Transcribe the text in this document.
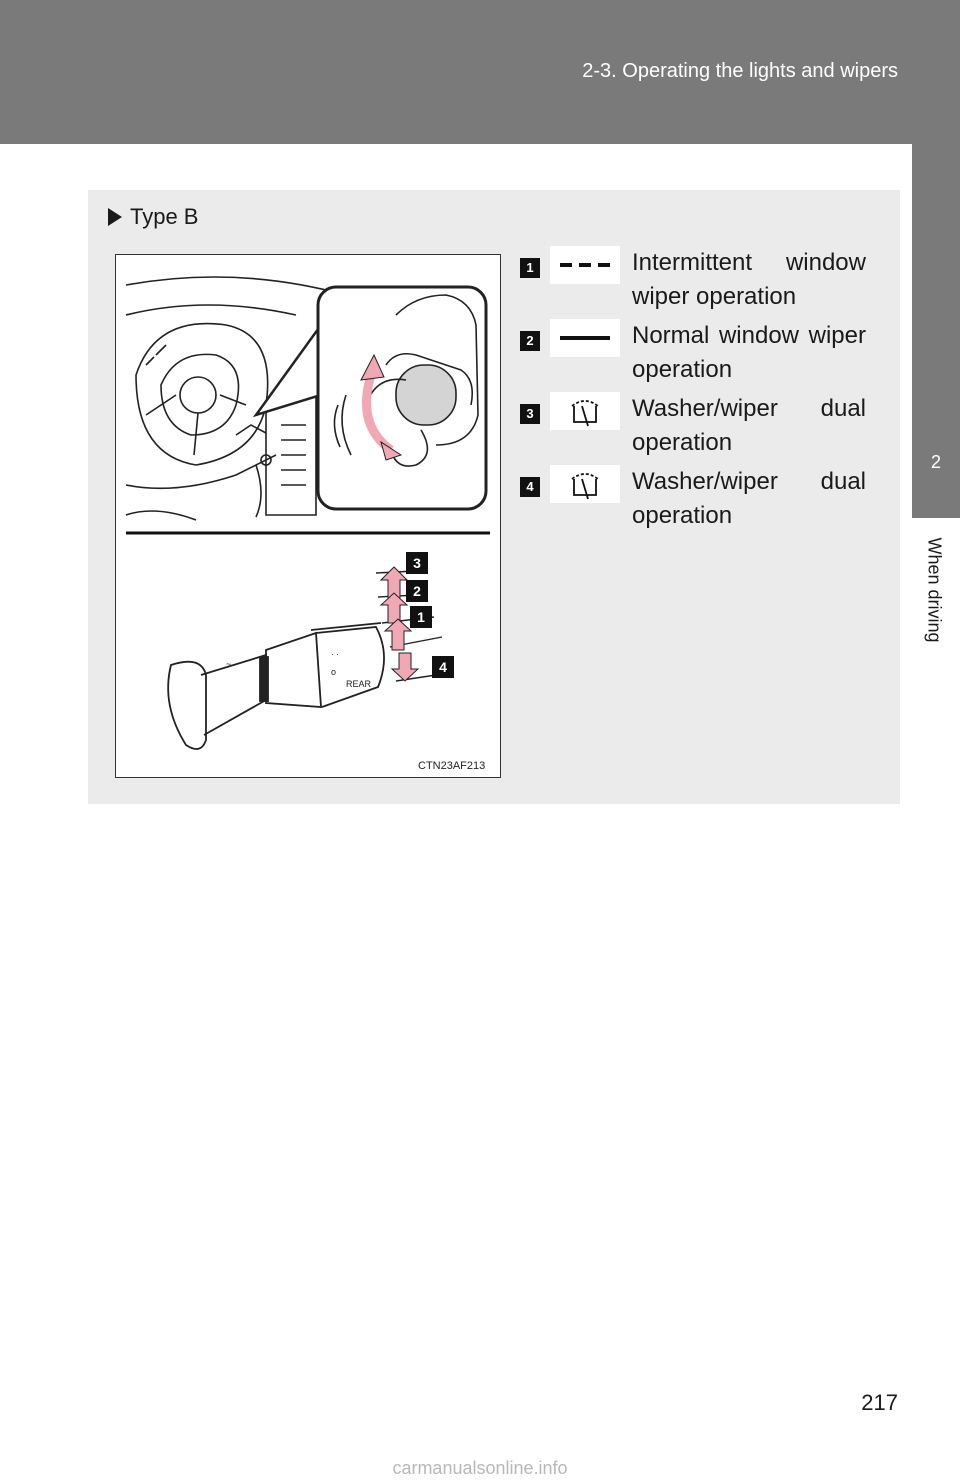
2-3. Operating the lights and wipers
2
When driving
Type B
~
∙ ∙
o
REAR
3
2
1
4
CTN23AF213
1	Intermittent window wiper operation
2	Normal window wiper operation
3	Washer/wiper dual operation
4	Washer/wiper dual operation
217
carmanualsonline.info
